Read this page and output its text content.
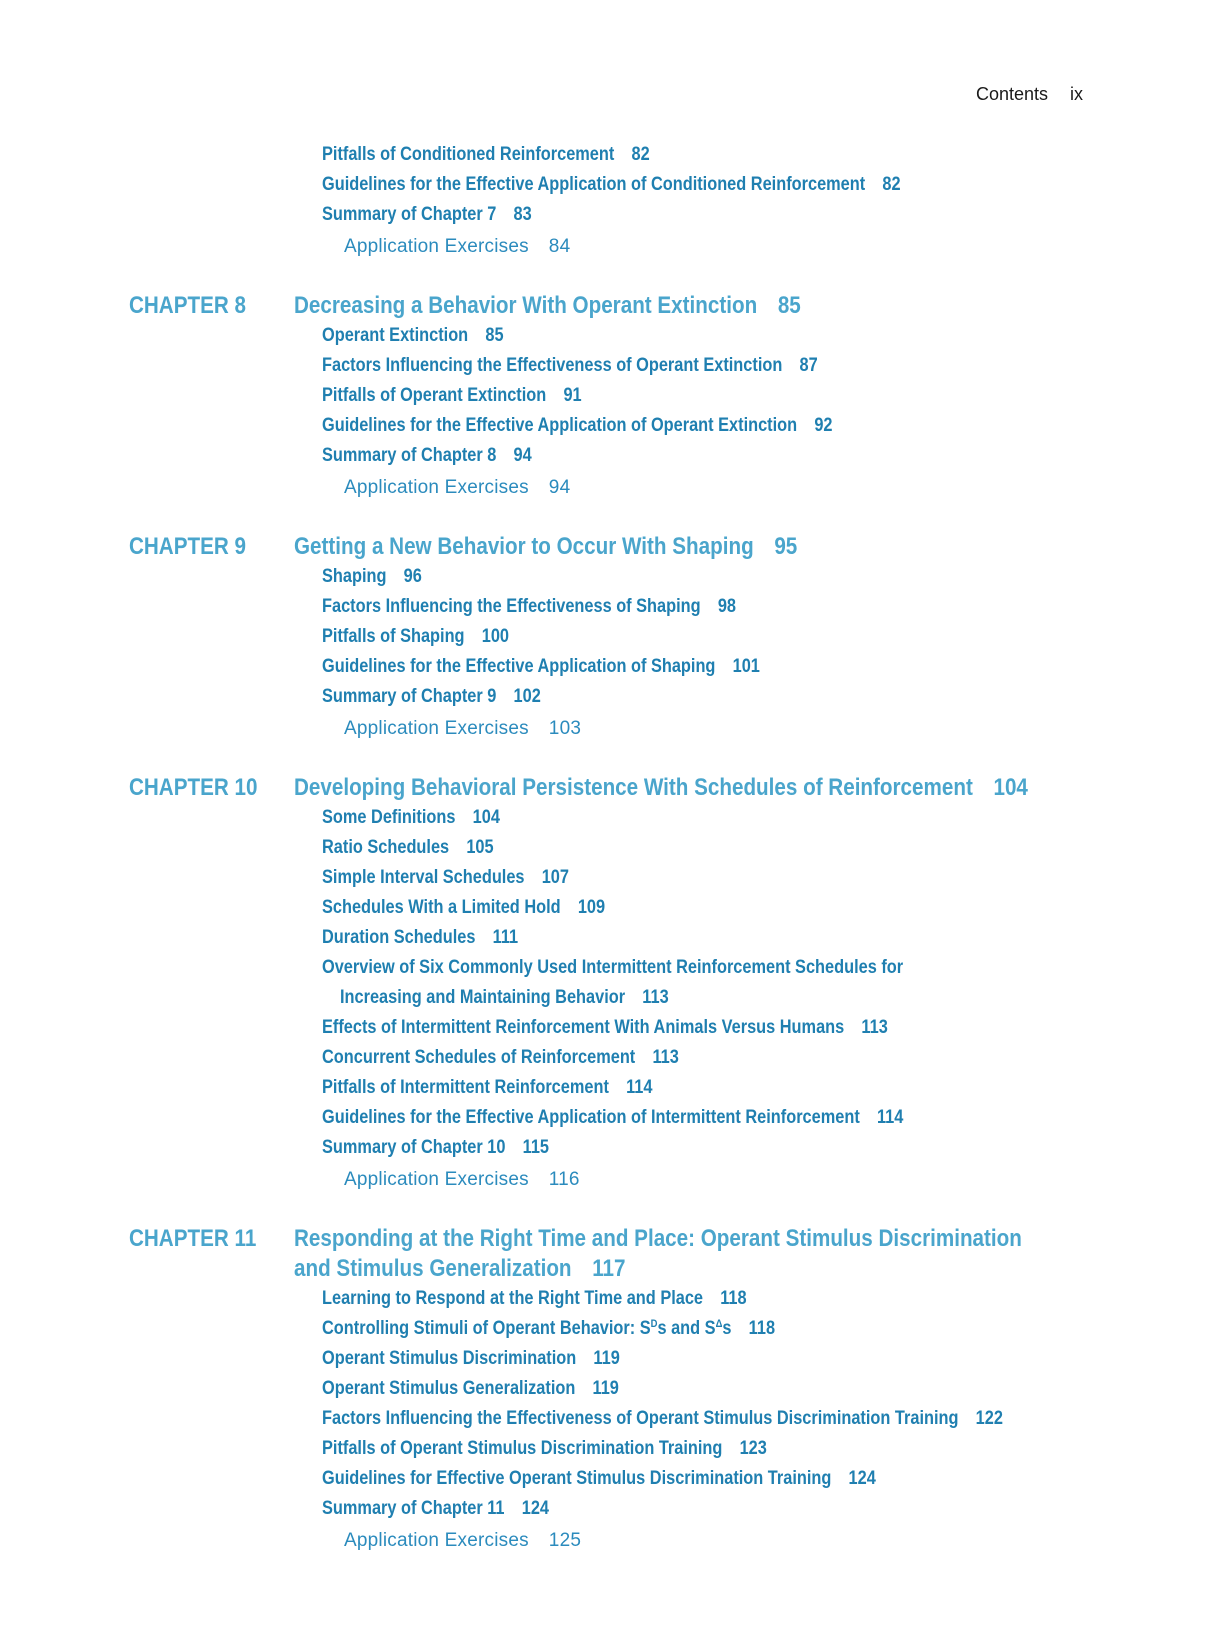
Contents ix
Pitfalls of Conditioned Reinforcement 82
Guidelines for the Effective Application of Conditioned Reinforcement 82
Summary of Chapter 7 83
Application Exercises 84
CHAPTER 8 Decreasing a Behavior With Operant Extinction 85
Operant Extinction 85
Factors Influencing the Effectiveness of Operant Extinction 87
Pitfalls of Operant Extinction 91
Guidelines for the Effective Application of Operant Extinction 92
Summary of Chapter 8 94
Application Exercises 94
CHAPTER 9 Getting a New Behavior to Occur With Shaping 95
Shaping 96
Factors Influencing the Effectiveness of Shaping 98
Pitfalls of Shaping 100
Guidelines for the Effective Application of Shaping 101
Summary of Chapter 9 102
Application Exercises 103
CHAPTER 10 Developing Behavioral Persistence With Schedules of Reinforcement 104
Some Definitions 104
Ratio Schedules 105
Simple Interval Schedules 107
Schedules With a Limited Hold 109
Duration Schedules 111
Overview of Six Commonly Used Intermittent Reinforcement Schedules for
Increasing and Maintaining Behavior 113
Effects of Intermittent Reinforcement With Animals Versus Humans 113
Concurrent Schedules of Reinforcement 113
Pitfalls of Intermittent Reinforcement 114
Guidelines for the Effective Application of Intermittent Reinforcement 114
Summary of Chapter 10 115
Application Exercises 116
CHAPTER 11 Responding at the Right Time and Place: Operant Stimulus Discrimination
and Stimulus Generalization 117
Learning to Respond at the Right Time and Place 118
Controlling Stimuli of Operant Behavior: $S^Ds$ and $S^\Delta s$ 118
Operant Stimulus Discrimination 119
Operant Stimulus Generalization 119
Factors Influencing the Effectiveness of Operant Stimulus Discrimination Training 122
Pitfalls of Operant Stimulus Discrimination Training 123
Guidelines for Effective Operant Stimulus Discrimination Training 124
Summary of Chapter 11 124
Application Exercises 125
